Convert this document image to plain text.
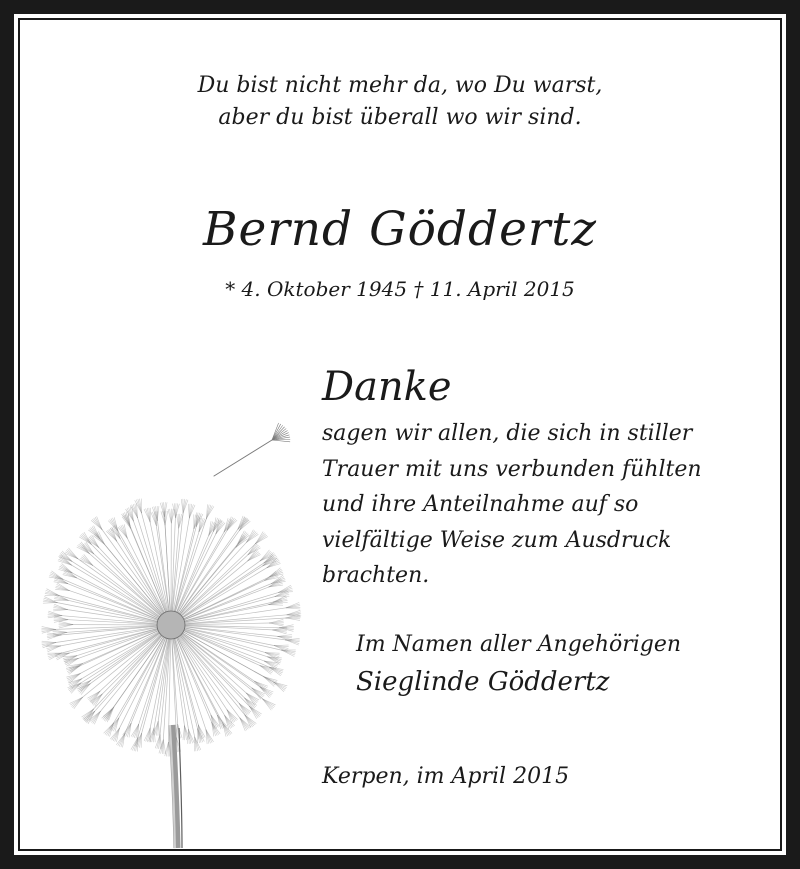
Du bist nicht mehr da, wo Du warst,
aber du bist überall wo wir sind.
Bernd Göddertz
* 4. Oktober 1945 † 11. April 2015
Danke
sagen wir allen, die sich in stiller
Trauer mit uns verbunden fühlten
und ihre Anteilnahme auf so
vielfältige Weise zum Ausdruck
brachten.
Im Namen aller Angehörigen
Sieglinde Göddertz
Kerpen, im April 2015
